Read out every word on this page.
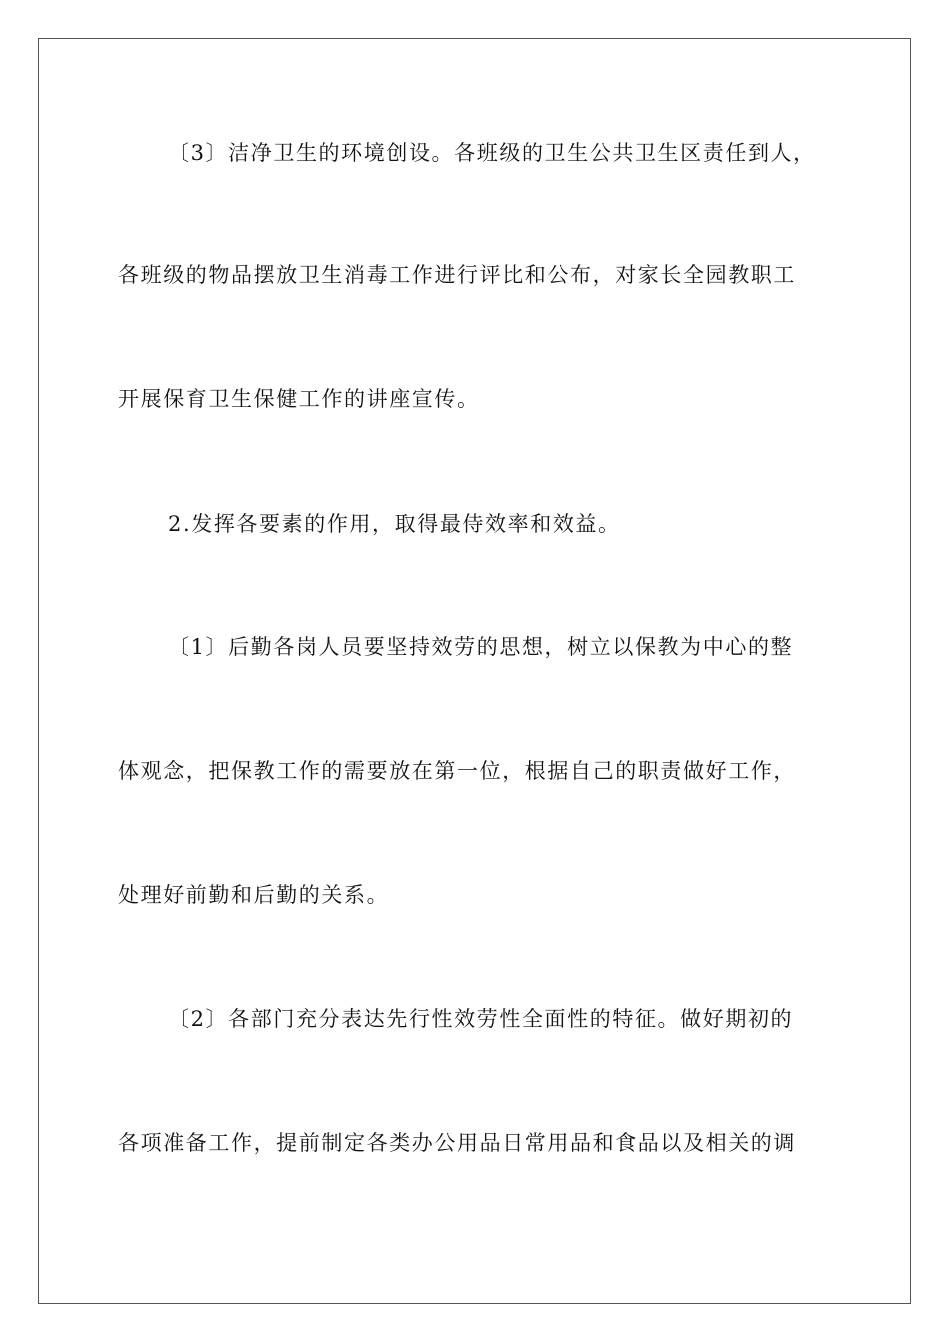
〔3〕洁净卫生的环境创设。各班级的卫生公共卫生区责任到人，
各班级的物品摆放卫生消毒工作进行评比和公布，对家长全园教职工
开展保育卫生保健工作的讲座宣传。
2.发挥各要素的作用，取得最侍效率和效益。
〔1〕后勤各岗人员要坚持效劳的思想，树立以保教为中心的整
体观念，把保教工作的需要放在第一位，根据自己的职责做好工作，
处理好前勤和后勤的关系。
〔2〕各部门充分表达先行性效劳性全面性的特征。做好期初的
各项准备工作，提前制定各类办公用品日常用品和食品以及相关的调
